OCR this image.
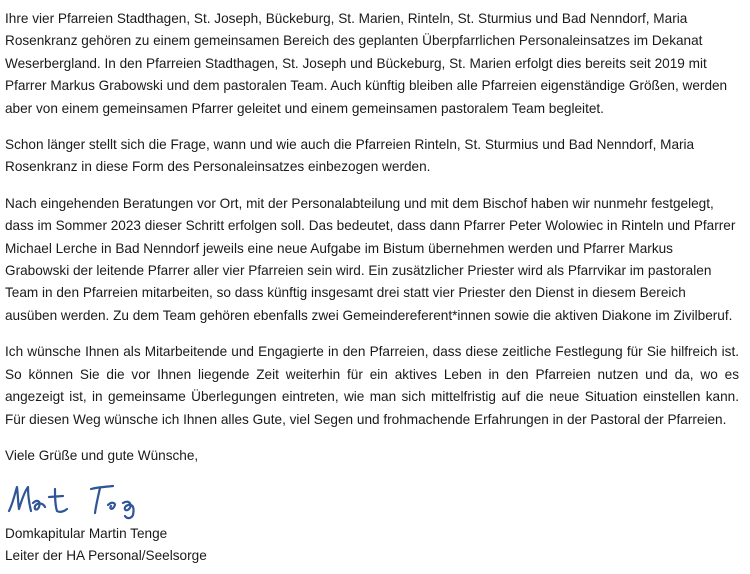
Ihre vier Pfarreien Stadthagen, St. Joseph, Bückeburg, St. Marien, Rinteln, St. Sturmius und Bad Nenndorf, Maria Rosenkranz gehören zu einem gemeinsamen Bereich des geplanten Überpfarrlichen Personaleinsatzes im Dekanat Weserbergland. In den Pfarreien Stadthagen, St. Joseph und Bückeburg, St. Marien erfolgt dies bereits seit 2019 mit Pfarrer Markus Grabowski und dem pastoralen Team. Auch künftig bleiben alle Pfarreien eigenständige Größen, werden aber von einem gemeinsamen Pfarrer geleitet und einem gemeinsamen pastoralem Team begleitet.

Schon länger stellt sich die Frage, wann und wie auch die Pfarreien Rinteln, St. Sturmius und Bad Nenndorf, Maria Rosenkranz in diese Form des Personaleinsatzes einbezogen werden.

Nach eingehenden Beratungen vor Ort, mit der Personalabteilung und mit dem Bischof haben wir nunmehr festgelegt, dass im Sommer 2023 dieser Schritt erfolgen soll. Das bedeutet, dass dann Pfarrer Peter Wolowiec in Rinteln und Pfarrer Michael Lerche in Bad Nenndorf jeweils eine neue Aufgabe im Bistum übernehmen werden und Pfarrer Markus Grabowski der leitende Pfarrer aller vier Pfarreien sein wird. Ein zusätzlicher Priester wird als Pfarrvikar im pastoralen Team in den Pfarreien mitarbeiten, so dass künftig insgesamt drei statt vier Priester den Dienst in diesem Bereich ausüben werden. Zu dem Team gehören ebenfalls zwei Gemeindereferent*innen sowie die aktiven Diakone im Zivilberuf.

Ich wünsche Ihnen als Mitarbeitende und Engagierte in den Pfarreien, dass diese zeitliche Festlegung für Sie hilfreich ist. So können Sie die vor Ihnen liegende Zeit weiterhin für ein aktives Leben in den Pfarreien nutzen und da, wo es angezeigt ist, in gemeinsame Überlegungen eintreten, wie man sich mittelfristig auf die neue Situation einstellen kann. Für diesen Weg wünsche ich Ihnen alles Gute, viel Segen und frohmachende Erfahrungen in der Pastoral der Pfarreien.

Viele Grüße und gute Wünsche,

Domkapitular Martin Tenge
Leiter der HA Personal/Seelsorge
